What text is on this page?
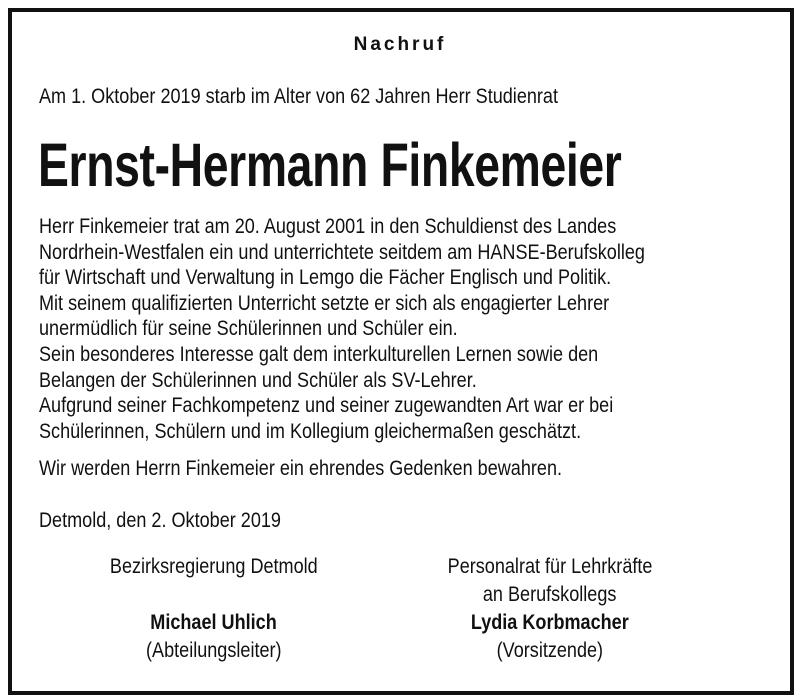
Nachruf
Am 1. Oktober 2019 starb im Alter von 62 Jahren Herr Studienrat
Ernst-Hermann Finkemeier
Herr Finkemeier trat am 20. August 2001 in den Schuldienst des Landes
Nordrhein-Westfalen ein und unterrichtete seitdem am HANSE-Berufskolleg
für Wirtschaft und Verwaltung in Lemgo die Fächer Englisch und Politik.
Mit seinem qualifizierten Unterricht setzte er sich als engagierter Lehrer
unermüdlich für seine Schülerinnen und Schüler ein.
Sein besonderes Interesse galt dem interkulturellen Lernen sowie den
Belangen der Schülerinnen und Schüler als SV-Lehrer.
Aufgrund seiner Fachkompetenz und seiner zugewandten Art war er bei
Schülerinnen, Schülern und im Kollegium gleichermaßen geschätzt.
Wir werden Herrn Finkemeier ein ehrendes Gedenken bewahren.
Detmold, den 2. Oktober 2019
Bezirksregierung Detmold
Michael Uhlich
(Abteilungsleiter)
Personalrat für Lehrkräfte
an Berufskollegs
Lydia Korbmacher
(Vorsitzende)
